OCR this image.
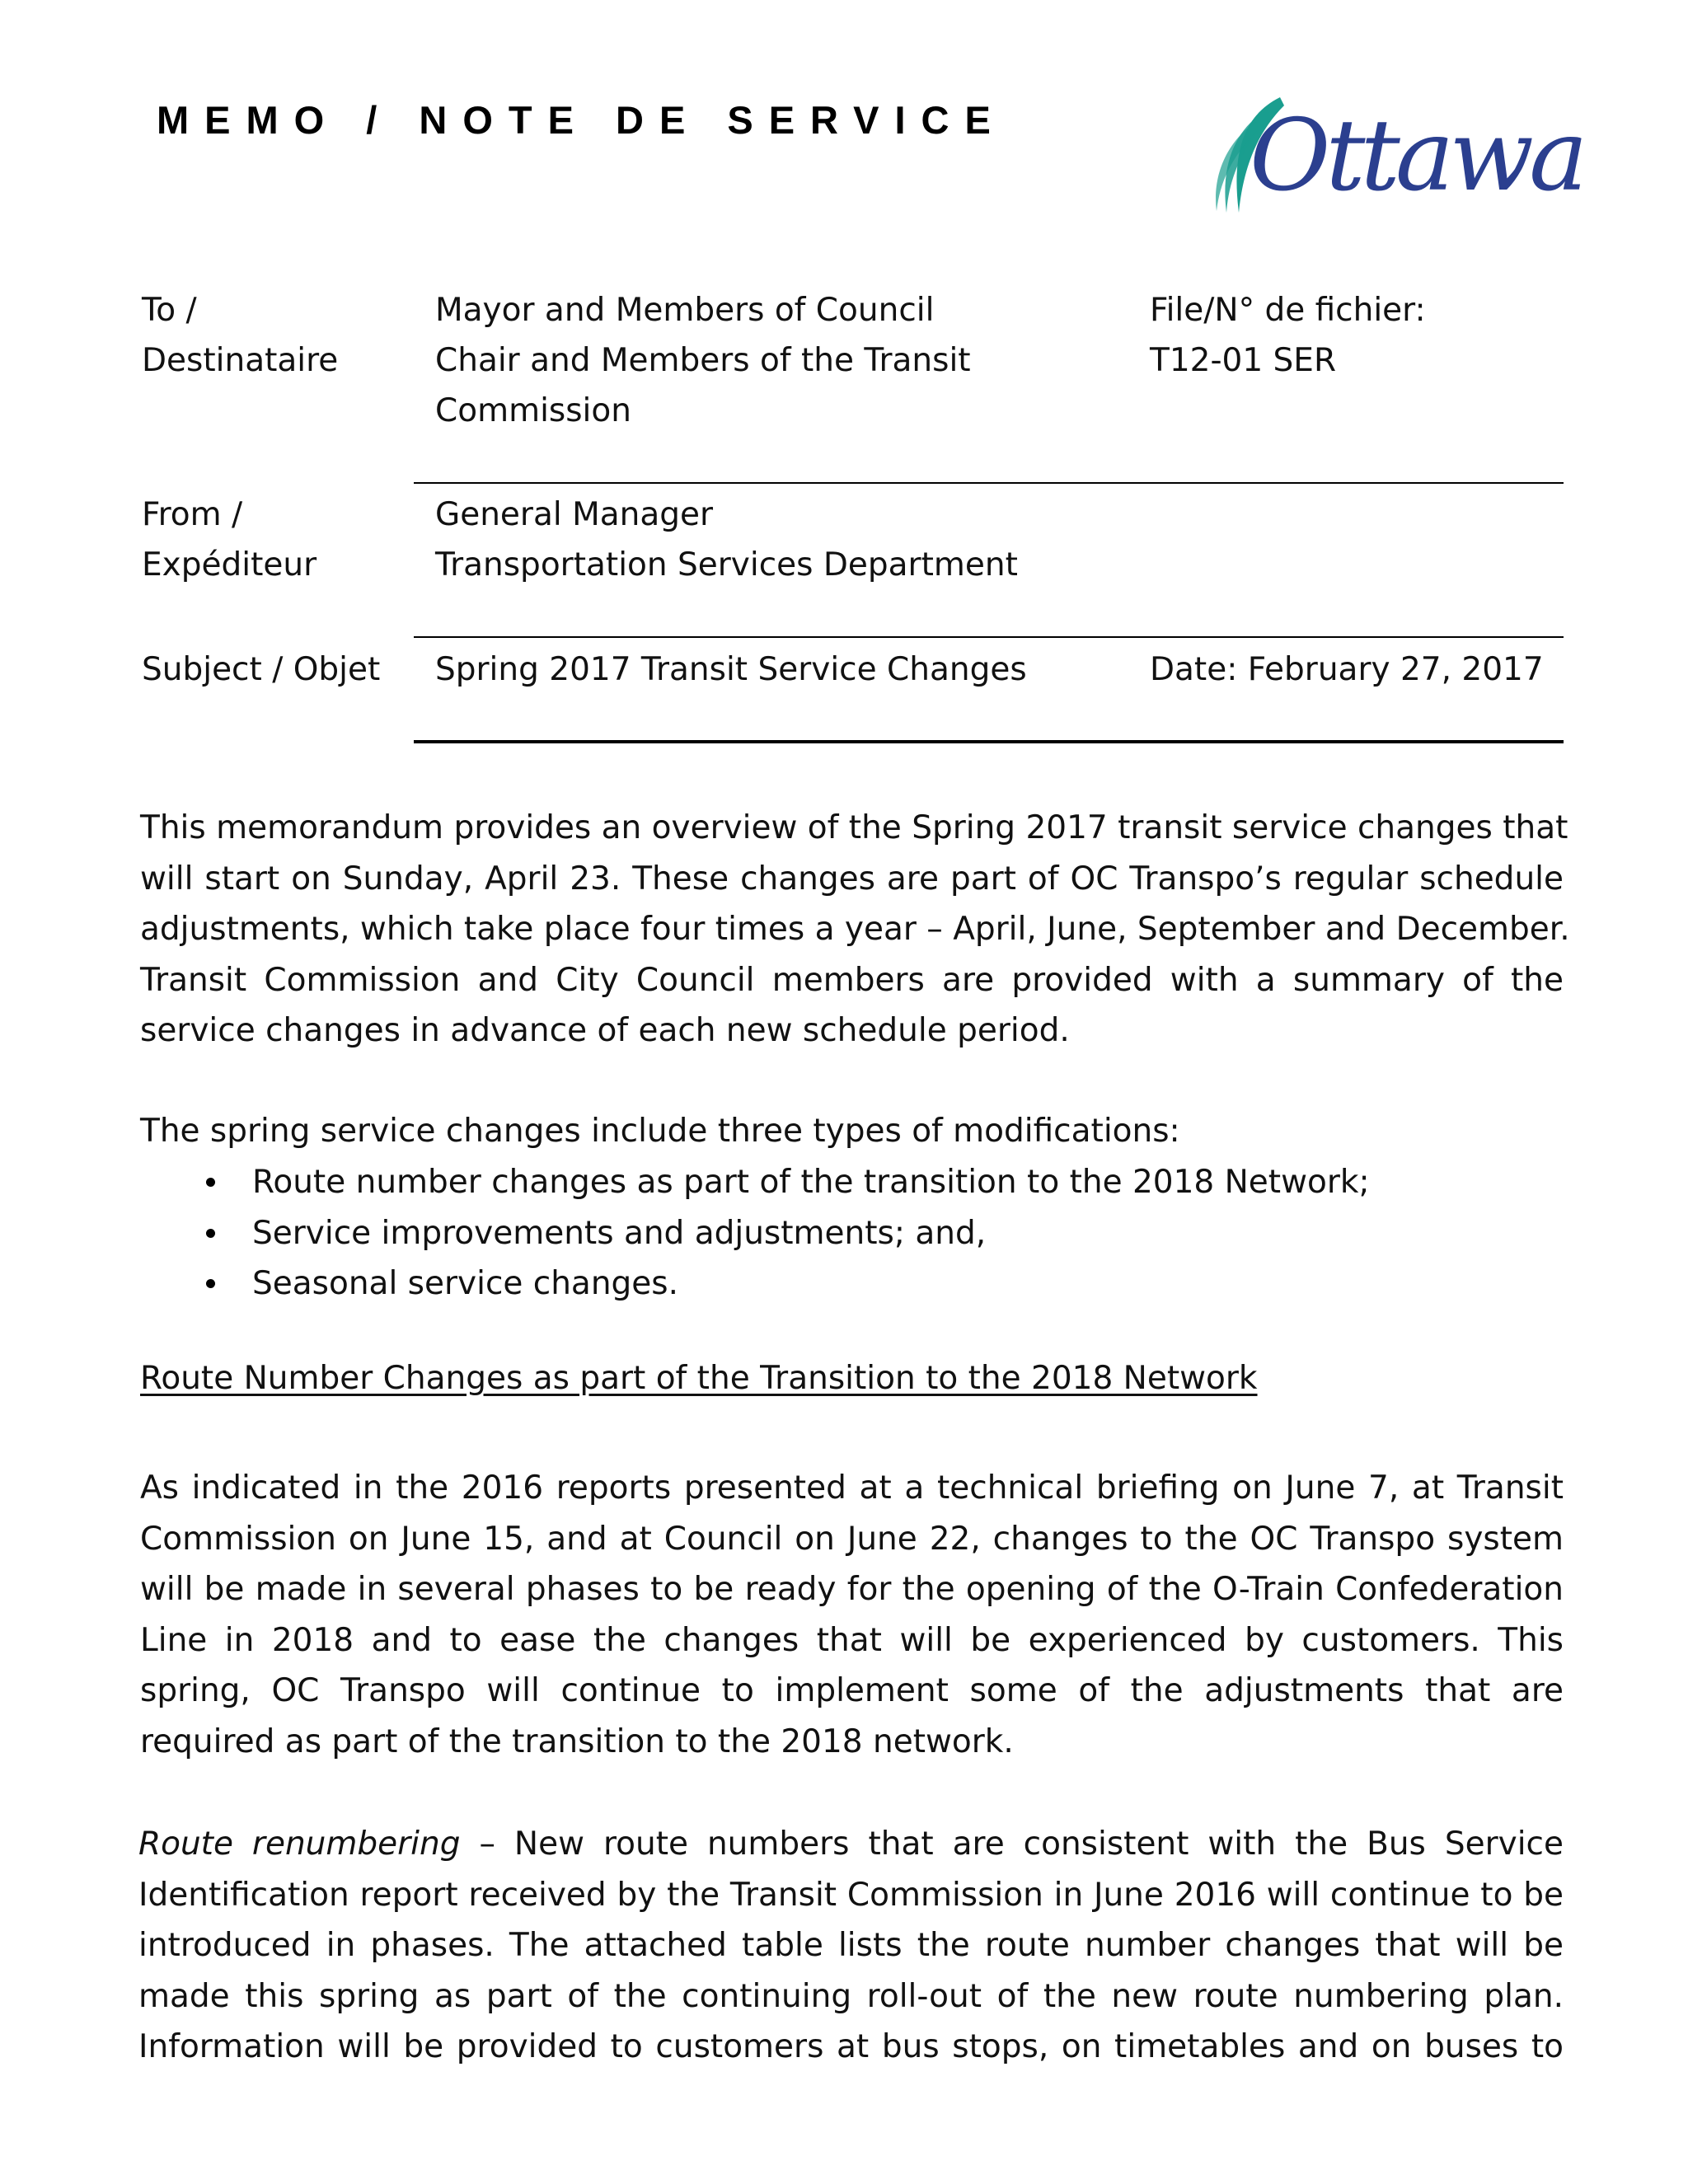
MEMO / NOTE DE SERVICE Ottawa
To /
Destinataire
Mayor and Members of Council
Chair and Members of the Transit
Commission
File/N° de fichier:
T12-01 SER
From /
Expéditeur
General Manager
Transportation Services Department
Subject / Objet Spring 2017 Transit Service Changes	Date: February 27, 2017
This memorandum provides an overview of the Spring 2017 transit service changes that
will start on Sunday, April 23. These changes are part of OC Transpo’s regular schedule
adjustments, which take place four times a year – April, June, September and December.
Transit Commission and City Council members are provided with a summary of the
service changes in advance of each new schedule period.
The spring service changes include three types of modifications:
Route number changes as part of the transition to the 2018 Network;
Service improvements and adjustments; and,
Seasonal service changes.
Route Number Changes as part of the Transition to the 2018 Network
As indicated in the 2016 reports presented at a technical briefing on June 7, at Transit
Commission on June 15, and at Council on June 22, changes to the OC Transpo system
will be made in several phases to be ready for the opening of the O-Train Confederation
Line in 2018 and to ease the changes that will be experienced by customers. This
spring, OC Transpo will continue to implement some of the adjustments that are
required as part of the transition to the 2018 network.
Route renumbering – New route numbers that are consistent with the Bus Service
Identification report received by the Transit Commission in June 2016 will continue to be
introduced in phases. The attached table lists the route number changes that will be
made this spring as part of the continuing roll-out of the new route numbering plan.
Information will be provided to customers at bus stops, on timetables and on buses to
